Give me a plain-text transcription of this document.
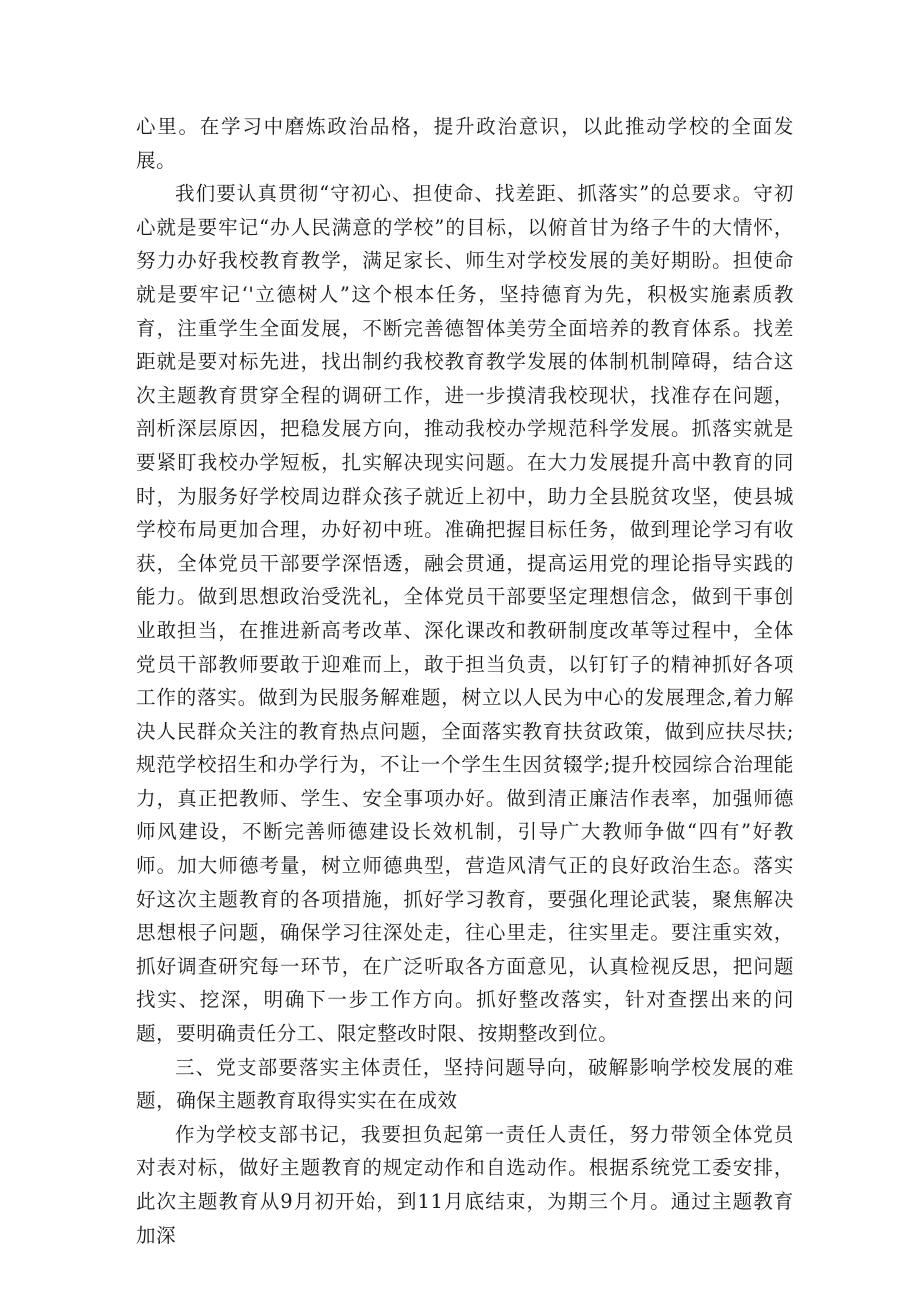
心里。在学习中磨炼政治品格，提升政治意识，以此推动学校的全面发展。

我们要认真贯彻“守初心、担使命、找差距、抓落实”的总要求。守初心就是要牢记“办人民满意的学校”的目标，以俯首甘为络子牛的大情怀，努力办好我校教育教学，满足家长、师生对学校发展的美好期盼。担使命就是要牢记‘'立德树人”这个根本任务，坚持德育为先，积极实施素质教育，注重学生全面发展，不断完善德智体美劳全面培养的教育体系。找差距就是要对标先进，找出制约我校教育教学发展的体制机制障碍，结合这次主题教育贯穿全程的调研工作，进一步摸清我校现状，找准存在问题，剖析深层原因，把稳发展方向，推动我校办学规范科学发展。抓落实就是要紧盯我校办学短板，扎实解决现实问题。在大力发展提升高中教育的同时，为服务好学校周边群众孩子就近上初中，助力全县脱贫攻坚，使县城学校布局更加合理，办好初中班。准确把握目标任务，做到理论学习有收获，全体党员干部要学深悟透，融会贯通，提高运用党的理论指导实践的能力。做到思想政治受洗礼，全体党员干部要坚定理想信念，做到干事创业敢担当，在推进新高考改革、深化课改和教研制度改革等过程中，全体党员干部教师要敢于迎难而上，敢于担当负责，以钉钉子的精神抓好各项工作的落实。做到为民服务解难题，树立以人民为中心的发展理念,着力解决人民群众关注的教育热点问题，全面落实教育扶贫政策，做到应扶尽扶;规范学校招生和办学行为，不让一个学生生因贫辍学;提升校园综合治理能力，真正把教师、学生、安全事项办好。做到清正廉洁作表率，加强师德师风建设，不断完善师德建设长效机制，引导广大教师争做“四有”好教师。加大师德考量，树立师德典型，营造风清气正的良好政治生态。落实好这次主题教育的各项措施，抓好学习教育，要强化理论武装，聚焦解决思想根子问题，确保学习往深处走，往心里走，往实里走。要注重实效，抓好调查研究每一环节，在广泛听取各方面意见，认真检视反思，把问题找实、挖深，明确下一步工作方向。抓好整改落实，针对查摆出来的问题，要明确责任分工、限定整改时限、按期整改到位。

三、党支部要落实主体责任，坚持问题导向，破解影响学校发展的难题，确保主题教育取得实实在在成效

作为学校支部书记，我要担负起第一责任人责任，努力带领全体党员对表对标，做好主题教育的规定动作和自选动作。根据系统党工委安排，此次主题教育从9月初开始，到11月底结束，为期三个月。通过主题教育加深
